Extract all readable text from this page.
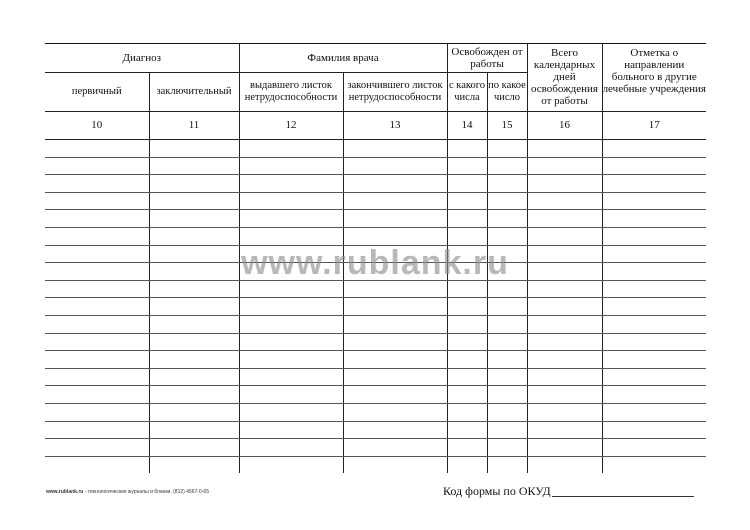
Диагноз		Фамилия врача		Освобожден от работы		Всего календарных дней освобождения от работы	Отметка о направлении больного в другие лечебные учреждения
первичный	заключительный	выдавшего листок нетрудоспособности	закончившего листок нетрудоспособности	с какого числа	по какое число		
10	11	12	13	14	15	16	17

www.rublank.ru
www.rublank.ru - технологические журналы и бланки, (812) 4567-0-65	Код формы по ОКУД
